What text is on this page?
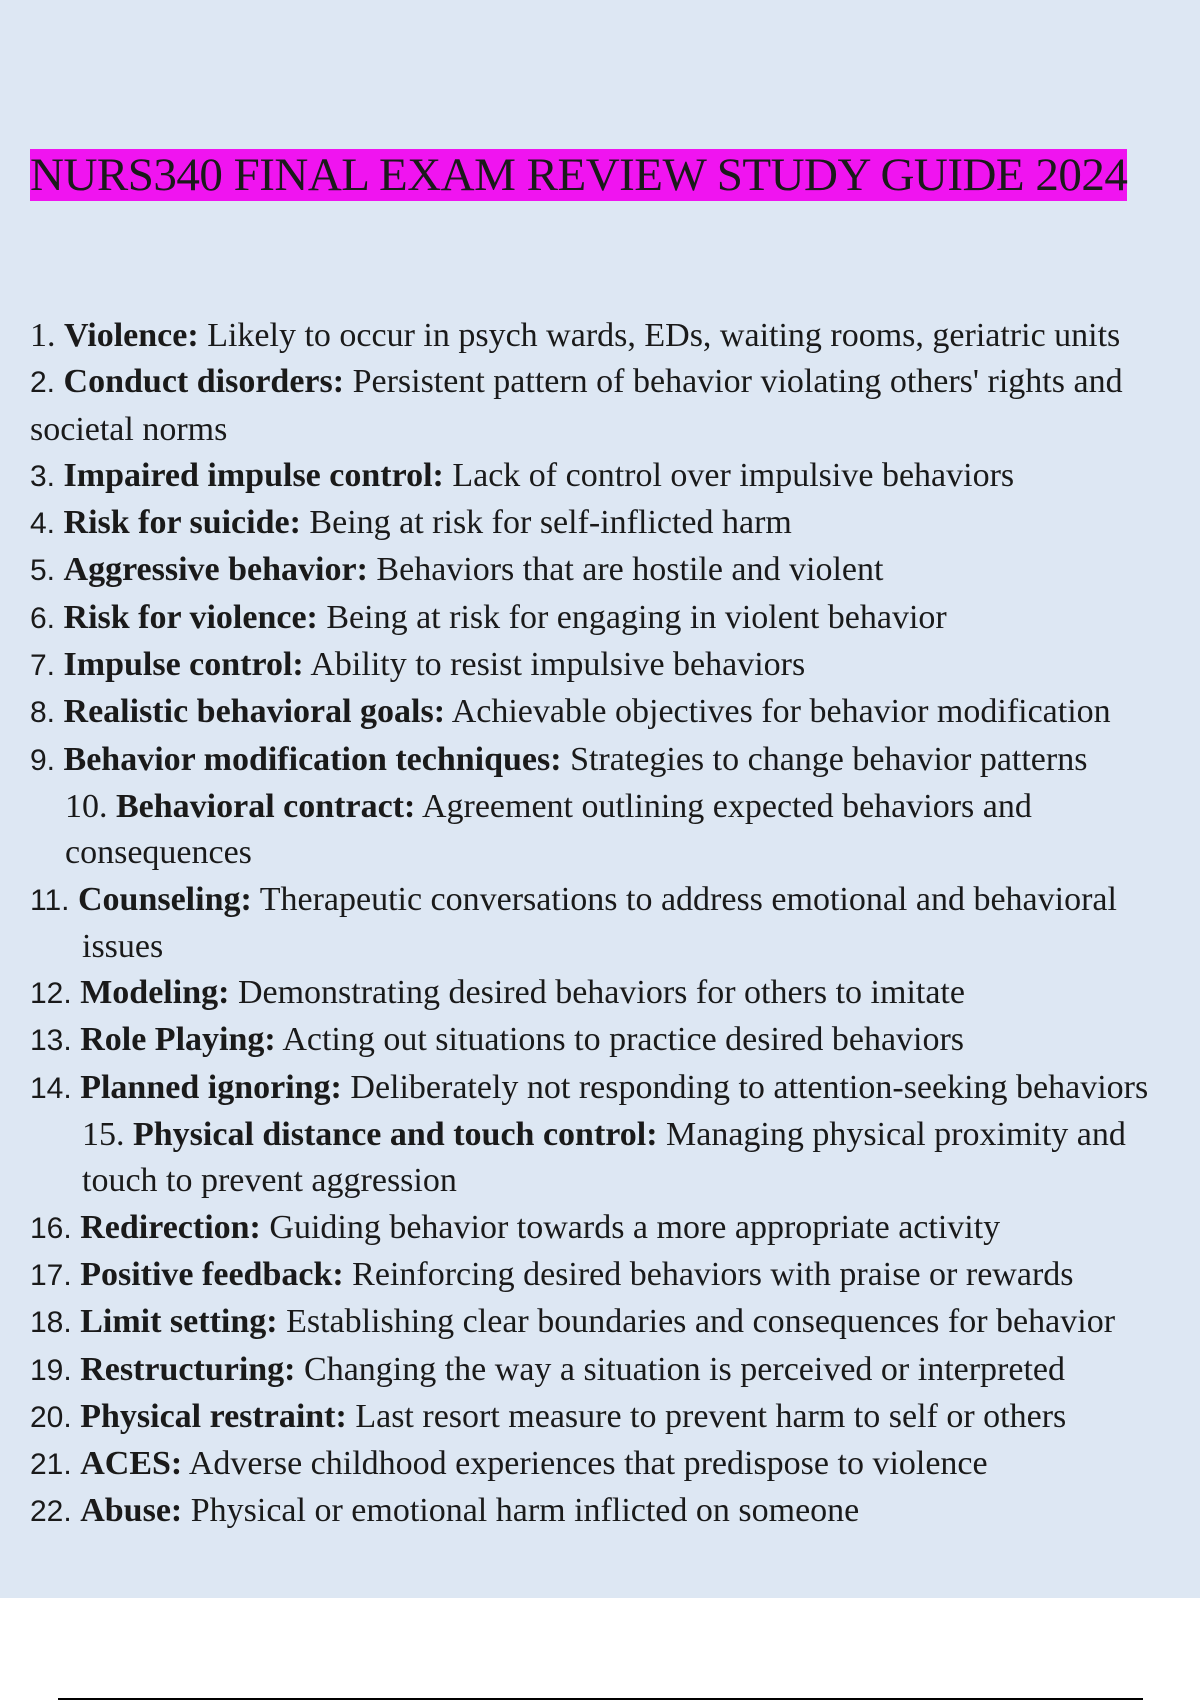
NURS340 FINAL EXAM REVIEW STUDY GUIDE 2024
1. Violence: Likely to occur in psych wards, EDs, waiting rooms, geriatric units
2. Conduct disorders: Persistent pattern of behavior violating others' rights and societal norms
3. Impaired impulse control: Lack of control over impulsive behaviors
4. Risk for suicide: Being at risk for self-inflicted harm
5. Aggressive behavior: Behaviors that are hostile and violent
6. Risk for violence: Being at risk for engaging in violent behavior
7. Impulse control: Ability to resist impulsive behaviors
8. Realistic behavioral goals: Achievable objectives for behavior modification
9. Behavior modification techniques: Strategies to change behavior patterns
10. Behavioral contract: Agreement outlining expected behaviors and consequences
11. Counseling: Therapeutic conversations to address emotional and behavioral issues
12. Modeling: Demonstrating desired behaviors for others to imitate
13. Role Playing: Acting out situations to practice desired behaviors
14. Planned ignoring: Deliberately not responding to attention-seeking behaviors 15. Physical distance and touch control: Managing physical proximity and touch to prevent aggression
16. Redirection: Guiding behavior towards a more appropriate activity
17. Positive feedback: Reinforcing desired behaviors with praise or rewards
18. Limit setting: Establishing clear boundaries and consequences for behavior
19. Restructuring: Changing the way a situation is perceived or interpreted
20. Physical restraint: Last resort measure to prevent harm to self or others
21. ACES: Adverse childhood experiences that predispose to violence
22. Abuse: Physical or emotional harm inflicted on someone
